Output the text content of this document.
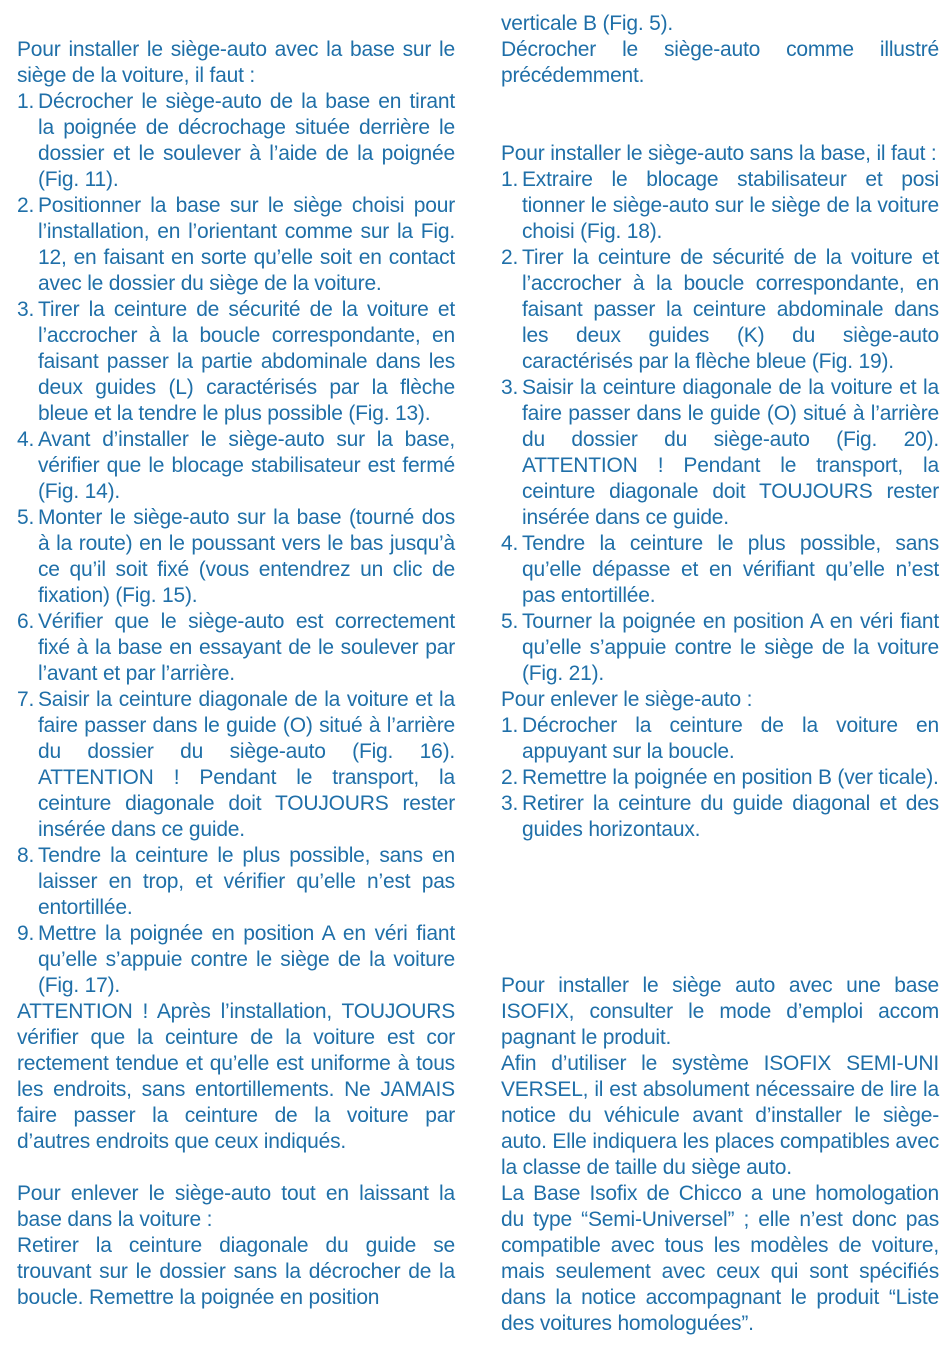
Pour installer le siège-auto avec la base sur le siège de la voiture, il faut :

1. Décrocher le siège-auto de la base en tirant la poignée de décrochage située derrière le dossier et le soulever à l’aide de la poignée (Fig. 11).
2. Positionner la base sur le siège choisi pour l’installation, en l’orientant comme sur la Fig. 12, en faisant en sorte qu’elle soit en contact avec le dossier du siège de la voiture.
3. Tirer la ceinture de sécurité de la voiture et l’accrocher à la boucle correspondante, en faisant passer la partie abdominale dans les deux guides (L) caractérisés par la flèche bleue et la tendre le plus possible (Fig. 13).
4. Avant d’installer le siège-auto sur la base, vérifier que le blocage stabilisateur est fermé (Fig. 14).
5. Monter le siège-auto sur la base (tourné dos à la route) en le poussant vers le bas jusqu’à ce qu’il soit fixé (vous entendrez un clic de fixation) (Fig. 15).
6. Vérifier que le siège-auto est correctement fixé à la base en essayant de le soulever par l’avant et par l’arrière.
7. Saisir la ceinture diagonale de la voiture et la faire passer dans le guide (O) situé à l’arrière du dossier du siège-auto (Fig. 16). ATTENTION ! Pendant le transport, la ceinture diagonale doit TOUJOURS rester insérée dans ce guide.
8. Tendre la ceinture le plus possible, sans en laisser en trop, et vérifier qu’elle n’est pas entortillée.
9. Mettre la poignée en position A en véri fiant qu’elle s’appuie contre le siège de la voiture (Fig. 17).

ATTENTION ! Après l’installation, TOUJOURS vérifier que la ceinture de la voiture est cor rectement tendue et qu’elle est uniforme à tous les endroits, sans entortillements. Ne JAMAIS faire passer la ceinture de la voiture par d’autres endroits que ceux indiqués.

Pour enlever le siège-auto tout en laissant la base dans la voiture :

Retirer la ceinture diagonale du guide se trouvant sur le dossier sans la décrocher de la boucle. Remettre la poignée en position

verticale B (Fig. 5).

Décrocher le siège-auto comme illustré précédemment.

Pour installer le siège-auto sans la base, il faut :

1. Extraire le blocage stabilisateur et posi tionner le siège-auto sur le siège de la voiture choisi (Fig. 18).
2. Tirer la ceinture de sécurité de la voiture et l’accrocher à la boucle correspondante, en faisant passer la ceinture abdominale dans les deux guides (K) du siège-auto caractérisés par la flèche bleue (Fig. 19).
3. Saisir la ceinture diagonale de la voiture et la faire passer dans le guide (O) situé à l’arrière du dossier du siège-auto (Fig. 20). ATTENTION ! Pendant le transport, la ceinture diagonale doit TOUJOURS rester insérée dans ce guide.
4. Tendre la ceinture le plus possible, sans qu’elle dépasse et en vérifiant qu’elle n’est pas entortillée.
5. Tourner la poignée en position A en véri fiant qu’elle s’appuie contre le siège de la voiture (Fig. 21).

Pour enlever le siège-auto :

1. Décrocher la ceinture de la voiture en appuyant sur la boucle.
2. Remettre la poignée en position B (ver ticale).
3. Retirer la ceinture du guide diagonal et des guides horizontaux.

Pour installer le siège auto avec une base ISOFIX, consulter le mode d’emploi accom pagnant le produit.

Afin d’utiliser le système ISOFIX SEMI-UNI VERSEL, il est absolument nécessaire de lire la notice du véhicule avant d’installer le siège-auto. Elle indiquera les places compatibles avec la classe de taille du siège auto.

La Base Isofix de Chicco a une homologation du type “Semi-Universel” ; elle n’est donc pas compatible avec tous les modèles de voiture, mais seulement avec ceux qui sont spécifiés dans la notice accompagnant le produit “Liste des voitures homologuées”.
